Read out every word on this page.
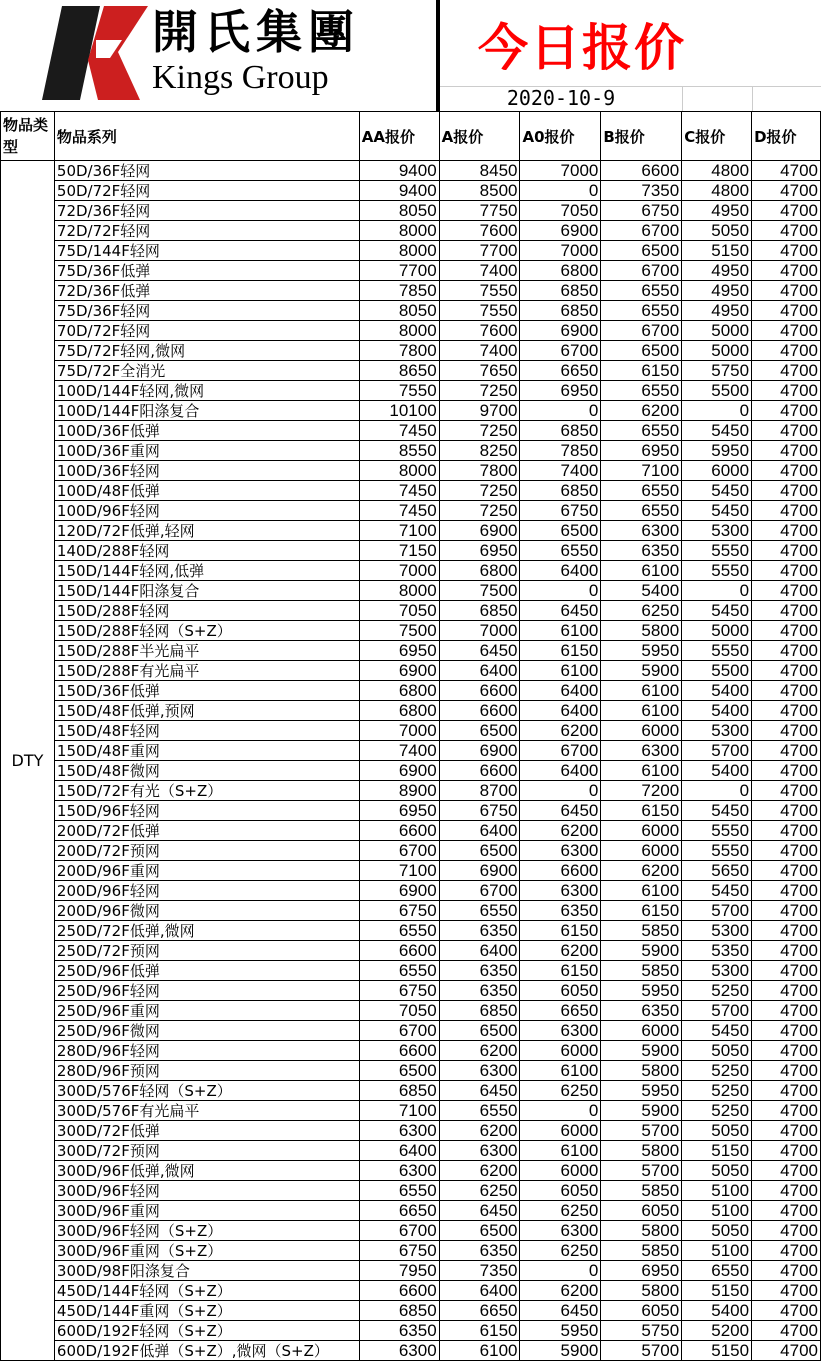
開氏集團
Kings Group
今日报价
2020-10-9
物品类型	物品系列	AA报价	A报价	A0报价	B报价	C报价	D报价
DTY	50D/36F轻网	9400	8450	7000	6600	4800	4700
	50D/72F轻网	9400	8500	0	7350	4800	4700
	72D/36F轻网	8050	7750	7050	6750	4950	4700
	72D/72F轻网	8000	7600	6900	6700	5050	4700
	75D/144F轻网	8000	7700	7000	6500	5150	4700
	75D/36F低弹	7700	7400	6800	6700	4950	4700
	72D/36F低弹	7850	7550	6850	6550	4950	4700
	75D/36F轻网	8050	7550	6850	6550	4950	4700
	70D/72F轻网	8000	7600	6900	6700	5000	4700
	75D/72F轻网,微网	7800	7400	6700	6500	5000	4700
	75D/72F全消光	8650	7650	6650	6150	5750	4700
	100D/144F轻网,微网	7550	7250	6950	6550	5500	4700
	100D/144F阳涤复合	10100	9700	0	6200	0	4700
	100D/36F低弹	7450	7250	6850	6550	5450	4700
	100D/36F重网	8550	8250	7850	6950	5950	4700
	100D/36F轻网	8000	7800	7400	7100	6000	4700
	100D/48F低弹	7450	7250	6850	6550	5450	4700
	100D/96F轻网	7450	7250	6750	6550	5450	4700
	120D/72F低弹,轻网	7100	6900	6500	6300	5300	4700
	140D/288F轻网	7150	6950	6550	6350	5550	4700
	150D/144F轻网,低弹	7000	6800	6400	6100	5550	4700
	150D/144F阳涤复合	8000	7500	0	5400	0	4700
	150D/288F轻网	7050	6850	6450	6250	5450	4700
	150D/288F轻网（S+Z）	7500	7000	6100	5800	5000	4700
	150D/288F半光扁平	6950	6450	6150	5950	5550	4700
	150D/288F有光扁平	6900	6400	6100	5900	5500	4700
	150D/36F低弹	6800	6600	6400	6100	5400	4700
	150D/48F低弹,预网	6800	6600	6400	6100	5400	4700
	150D/48F轻网	7000	6500	6200	6000	5300	4700
	150D/48F重网	7400	6900	6700	6300	5700	4700
	150D/48F微网	6900	6600	6400	6100	5400	4700
	150D/72F有光（S+Z）	8900	8700	0	7200	0	4700
	150D/96F轻网	6950	6750	6450	6150	5450	4700
	200D/72F低弹	6600	6400	6200	6000	5550	4700
	200D/72F预网	6700	6500	6300	6000	5550	4700
	200D/96F重网	7100	6900	6600	6200	5650	4700
	200D/96F轻网	6900	6700	6300	6100	5450	4700
	200D/96F微网	6750	6550	6350	6150	5700	4700
	250D/72F低弹,微网	6550	6350	6150	5850	5300	4700
	250D/72F预网	6600	6400	6200	5900	5350	4700
	250D/96F低弹	6550	6350	6150	5850	5300	4700
	250D/96F轻网	6750	6350	6050	5950	5250	4700
	250D/96F重网	7050	6850	6650	6350	5700	4700
	250D/96F微网	6700	6500	6300	6000	5450	4700
	280D/96F轻网	6600	6200	6000	5900	5050	4700
	280D/96F预网	6500	6300	6100	5800	5250	4700
	300D/576F轻网（S+Z）	6850	6450	6250	5950	5250	4700
	300D/576F有光扁平	7100	6550	0	5900	5250	4700
	300D/72F低弹	6300	6200	6000	5700	5050	4700
	300D/72F预网	6400	6300	6100	5800	5150	4700
	300D/96F低弹,微网	6300	6200	6000	5700	5050	4700
	300D/96F轻网	6550	6250	6050	5850	5100	4700
	300D/96F重网	6650	6450	6250	6050	5100	4700
	300D/96F轻网（S+Z）	6700	6500	6300	5800	5050	4700
	300D/96F重网（S+Z）	6750	6350	6250	5850	5100	4700
	300D/98F阳涤复合	7950	7350	0	6950	6550	4700
	450D/144F轻网（S+Z）	6600	6400	6200	5800	5150	4700
	450D/144F重网（S+Z）	6850	6650	6450	6050	5400	4700
	600D/192F轻网（S+Z）	6350	6150	5950	5750	5200	4700
	600D/192F低弹（S+Z）,微网（S+Z）	6300	6100	5900	5700	5150	4700
